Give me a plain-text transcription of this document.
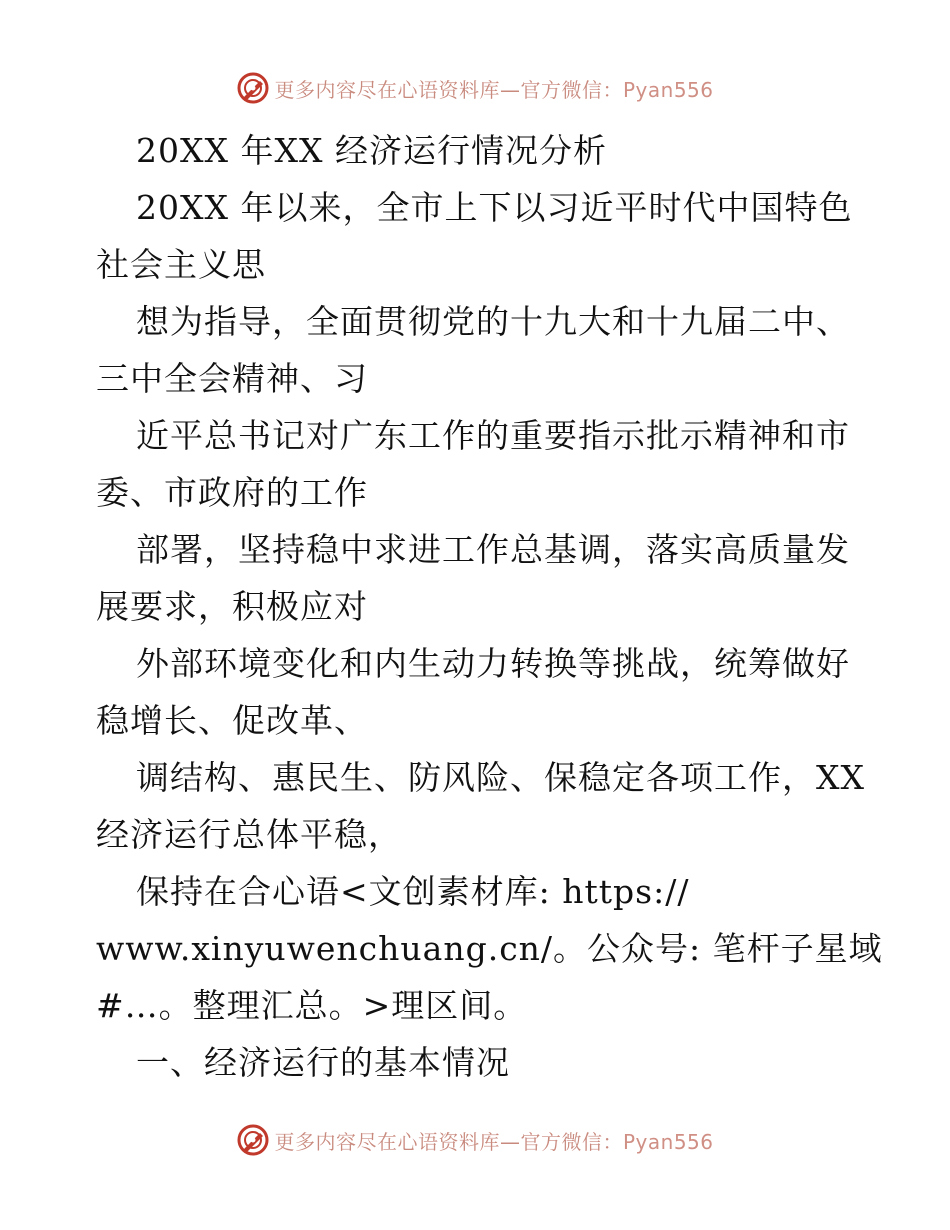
更多内容尽在心语资料库—官方微信：Pyan556
20XX 年XX 经济运行情况分析
20XX 年以来，全市上下以习近平时代中国特色
社会主义思
想为指导，全面贯彻党的十九大和十九届二中、
三中全会精神、习
近平总书记对广东工作的重要指示批示精神和市
委、市政府的工作
部署，坚持稳中求进工作总基调，落实高质量发
展要求，积极应对
外部环境变化和内生动力转换等挑战，统筹做好
稳增长、促改革、
调结构、惠民生、防风险、保稳定各项工作，XX
经济运行总体平稳，
保持在合心语<文创素材库: https://
www.xinyuwenchuang.cn/。公众号: 笔杆子星域
#…。整理汇总。>理区间。
一、经济运行的基本情况
更多内容尽在心语资料库—官方微信：Pyan556
